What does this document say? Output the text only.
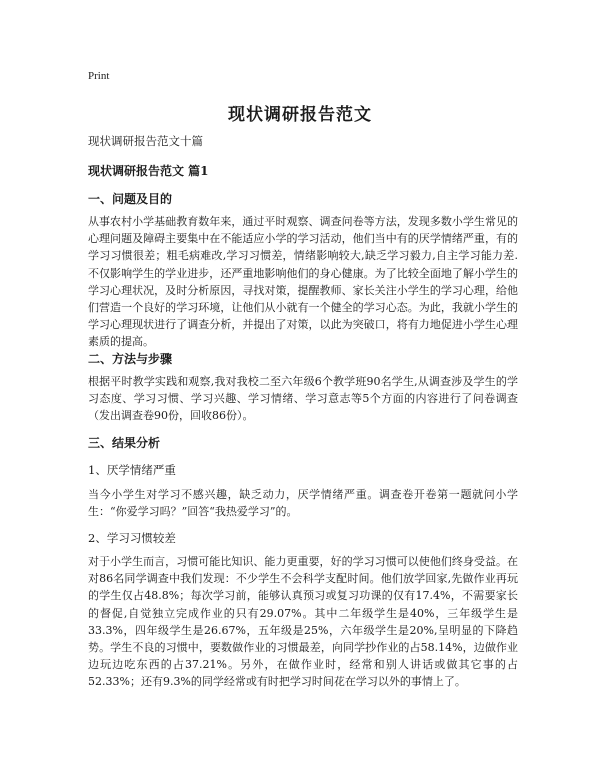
Print
现状调研报告范文
现状调研报告范文十篇
现状调研报告范文 篇1
一、问题及目的
从事农村小学基础教育数年来，通过平时观察、调查问卷等方法，发现多数小学生常见的心理问题及障碍主要集中在不能适应小学的学习活动，他们当中有的厌学情绪严重，有的学习习惯很差；粗毛病难改,学习习惯差，情绪影响较大,缺乏学习毅力,自主学习能力差.不仅影响学生的学业进步，还严重地影响他们的身心健康。为了比较全面地了解小学生的学习心理状况，及时分析原因，寻找对策，提醒教师、家长关注小学生的学习心理，给他们营造一个良好的学习环境，让他们从小就有一个健全的学习心态。为此，我就小学生的学习心理现状进行了调查分析，并提出了对策，以此为突破口，将有力地促进小学生心理素质的提高。
二、方法与步骤
根据平时教学实践和观察,我对我校二至六年级6个教学班90名学生,从调查涉及学生的学习态度、学习习惯、学习兴趣、学习情绪、学习意志等5个方面的内容进行了问卷调查（发出调查卷90份，回收86份）。
三、结果分析
1、厌学情绪严重
当今小学生对学习不感兴趣，缺乏动力，厌学情绪严重。调查卷开卷第一题就问小学生：“你爱学习吗？”回答“我热爱学习”的。
2、学习习惯较差
对于小学生而言，习惯可能比知识、能力更重要，好的学习习惯可以使他们终身受益。在对86名同学调查中我们发现：不少学生不会科学支配时间。他们放学回家,先做作业再玩的学生仅占48.8%；每次学习前，能够认真预习或复习功课的仅有17.4%，不需要家长的督促,自觉独立完成作业的只有29.07%。其中二年级学生是40%，三年级学生是33.3%，四年级学生是26.67%，五年级是25%，六年级学生是20%,呈明显的下降趋势。学生不良的习惯中，要数做作业的习惯最差，向同学抄作业的占58.14%，边做作业边玩边吃东西的占37.21%。另外，在做作业时，经常和别人讲话或做其它事的占52.33%；还有9.3%的同学经常或有时把学习时间花在学习以外的事情上了。
